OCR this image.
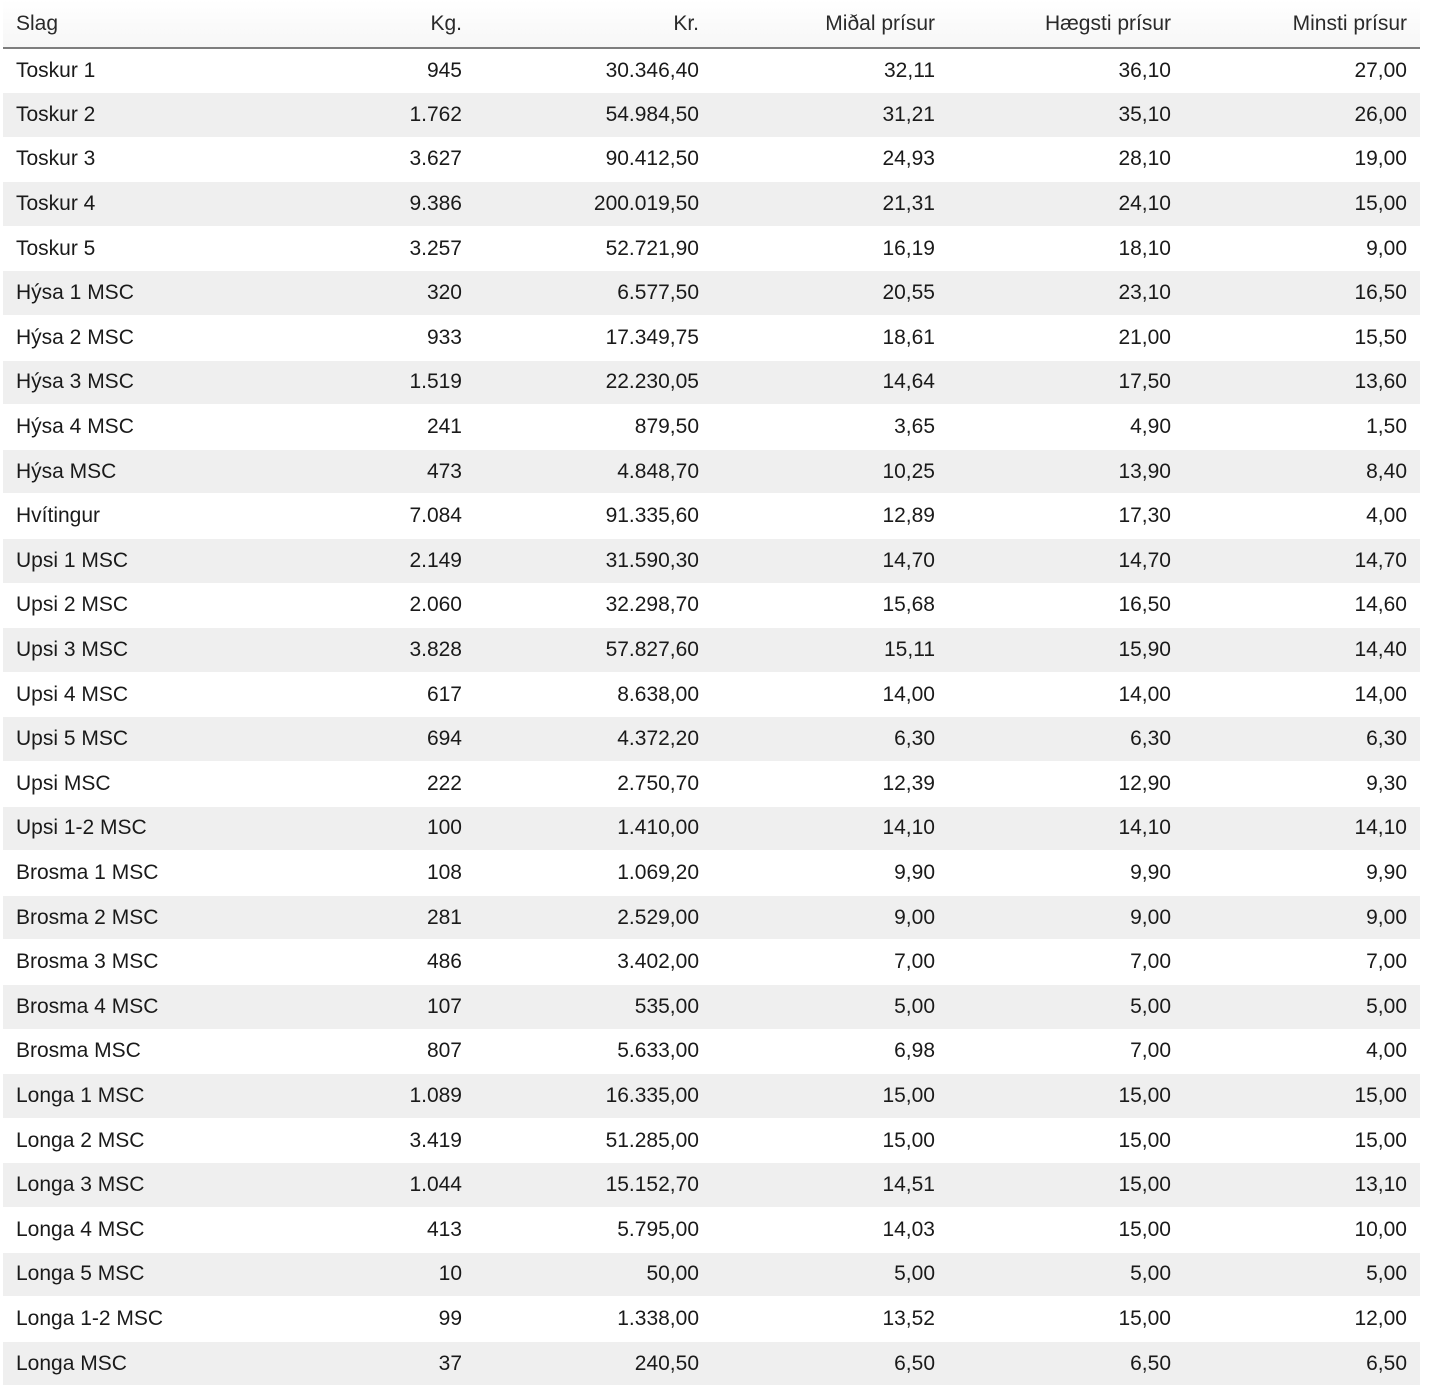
Slag	Kg.	Kr.	Miðal prísur	Hægsti prísur	Minsti prísur
Toskur 1	945	30.346,40	32,11	36,10	27,00
Toskur 2	1.762	54.984,50	31,21	35,10	26,00
Toskur 3	3.627	90.412,50	24,93	28,10	19,00
Toskur 4	9.386	200.019,50	21,31	24,10	15,00
Toskur 5	3.257	52.721,90	16,19	18,10	9,00
Hýsa 1 MSC	320	6.577,50	20,55	23,10	16,50
Hýsa 2 MSC	933	17.349,75	18,61	21,00	15,50
Hýsa 3 MSC	1.519	22.230,05	14,64	17,50	13,60
Hýsa 4 MSC	241	879,50	3,65	4,90	1,50
Hýsa MSC	473	4.848,70	10,25	13,90	8,40
Hvítingur	7.084	91.335,60	12,89	17,30	4,00
Upsi 1 MSC	2.149	31.590,30	14,70	14,70	14,70
Upsi 2 MSC	2.060	32.298,70	15,68	16,50	14,60
Upsi 3 MSC	3.828	57.827,60	15,11	15,90	14,40
Upsi 4 MSC	617	8.638,00	14,00	14,00	14,00
Upsi 5 MSC	694	4.372,20	6,30	6,30	6,30
Upsi MSC	222	2.750,70	12,39	12,90	9,30
Upsi 1-2 MSC	100	1.410,00	14,10	14,10	14,10
Brosma 1 MSC	108	1.069,20	9,90	9,90	9,90
Brosma 2 MSC	281	2.529,00	9,00	9,00	9,00
Brosma 3 MSC	486	3.402,00	7,00	7,00	7,00
Brosma 4 MSC	107	535,00	5,00	5,00	5,00
Brosma MSC	807	5.633,00	6,98	7,00	4,00
Longa 1 MSC	1.089	16.335,00	15,00	15,00	15,00
Longa 2 MSC	3.419	51.285,00	15,00	15,00	15,00
Longa 3 MSC	1.044	15.152,70	14,51	15,00	13,10
Longa 4 MSC	413	5.795,00	14,03	15,00	10,00
Longa 5 MSC	10	50,00	5,00	5,00	5,00
Longa 1-2 MSC	99	1.338,00	13,52	15,00	12,00
Longa MSC	37	240,50	6,50	6,50	6,50
